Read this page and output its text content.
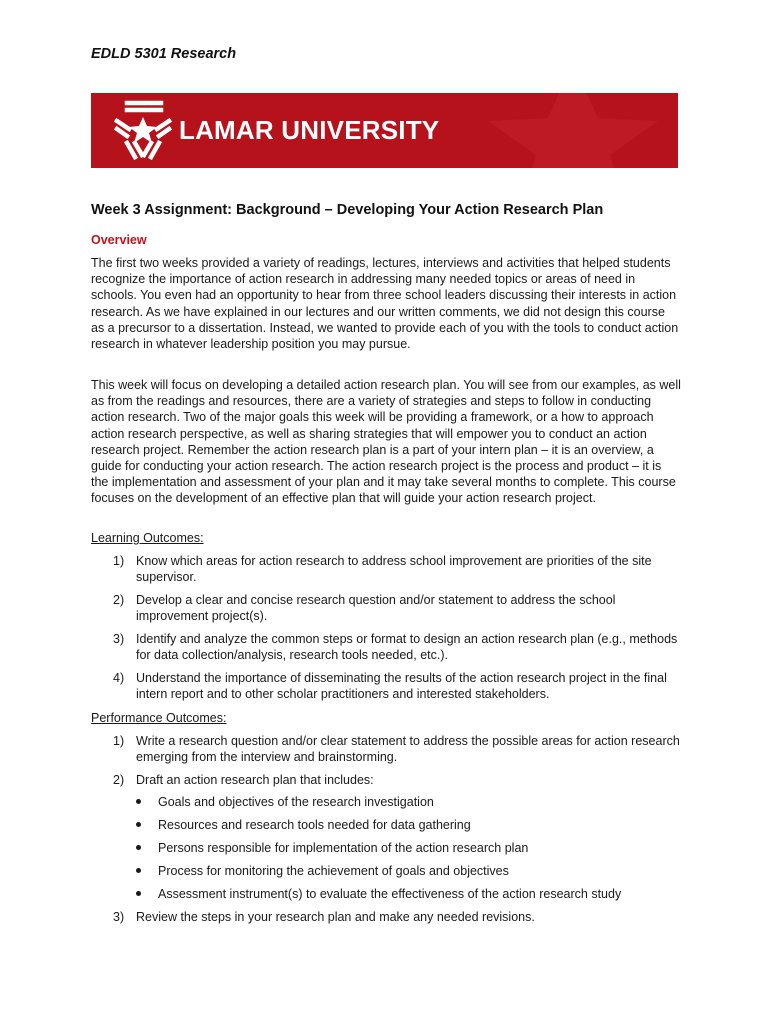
EDLD 5301 Research
LAMAR UNIVERSITY
Week 3 Assignment: Background – Developing Your Action Research Plan
Overview

The first two weeks provided a variety of readings, lectures, interviews and activities that helped students recognize the importance of action research in addressing many needed topics or areas of need in schools. You even had an opportunity to hear from three school leaders discussing their interests in action research. As we have explained in our lectures and our written comments, we did not design this course as a precursor to a dissertation. Instead, we wanted to provide each of you with the tools to conduct action research in whatever leadership position you may pursue.

This week will focus on developing a detailed action research plan. You will see from our examples, as well as from the readings and resources, there are a variety of strategies and steps to follow in conducting action research. Two of the major goals this week will be providing a framework, or a how to approach action research perspective, as well as sharing strategies that will empower you to conduct an action research project. Remember the action research plan is a part of your intern plan – it is an overview, a guide for conducting your action research. The action research project is the process and product – it is the implementation and assessment of your plan and it may take several months to complete. This course focuses on the development of an effective plan that will guide your action research project.

Learning Outcomes:
1) Know which areas for action research to address school improvement are priorities of the site supervisor.
2) Develop a clear and concise research question and/or statement to address the school improvement project(s).
3) Identify and analyze the common steps or format to design an action research plan (e.g., methods for data collection/analysis, research tools needed, etc.).
4) Understand the importance of disseminating the results of the action research project in the final intern report and to other scholar practitioners and interested stakeholders.
Performance Outcomes:
1) Write a research question and/or clear statement to address the possible areas for action research emerging from the interview and brainstorming.
2) Draft an action research plan that includes:
Goals and objectives of the research investigation
Resources and research tools needed for data gathering
Persons responsible for implementation of the action research plan
Process for monitoring the achievement of goals and objectives
Assessment instrument(s) to evaluate the effectiveness of the action research study
3) Review the steps in your research plan and make any needed revisions.
